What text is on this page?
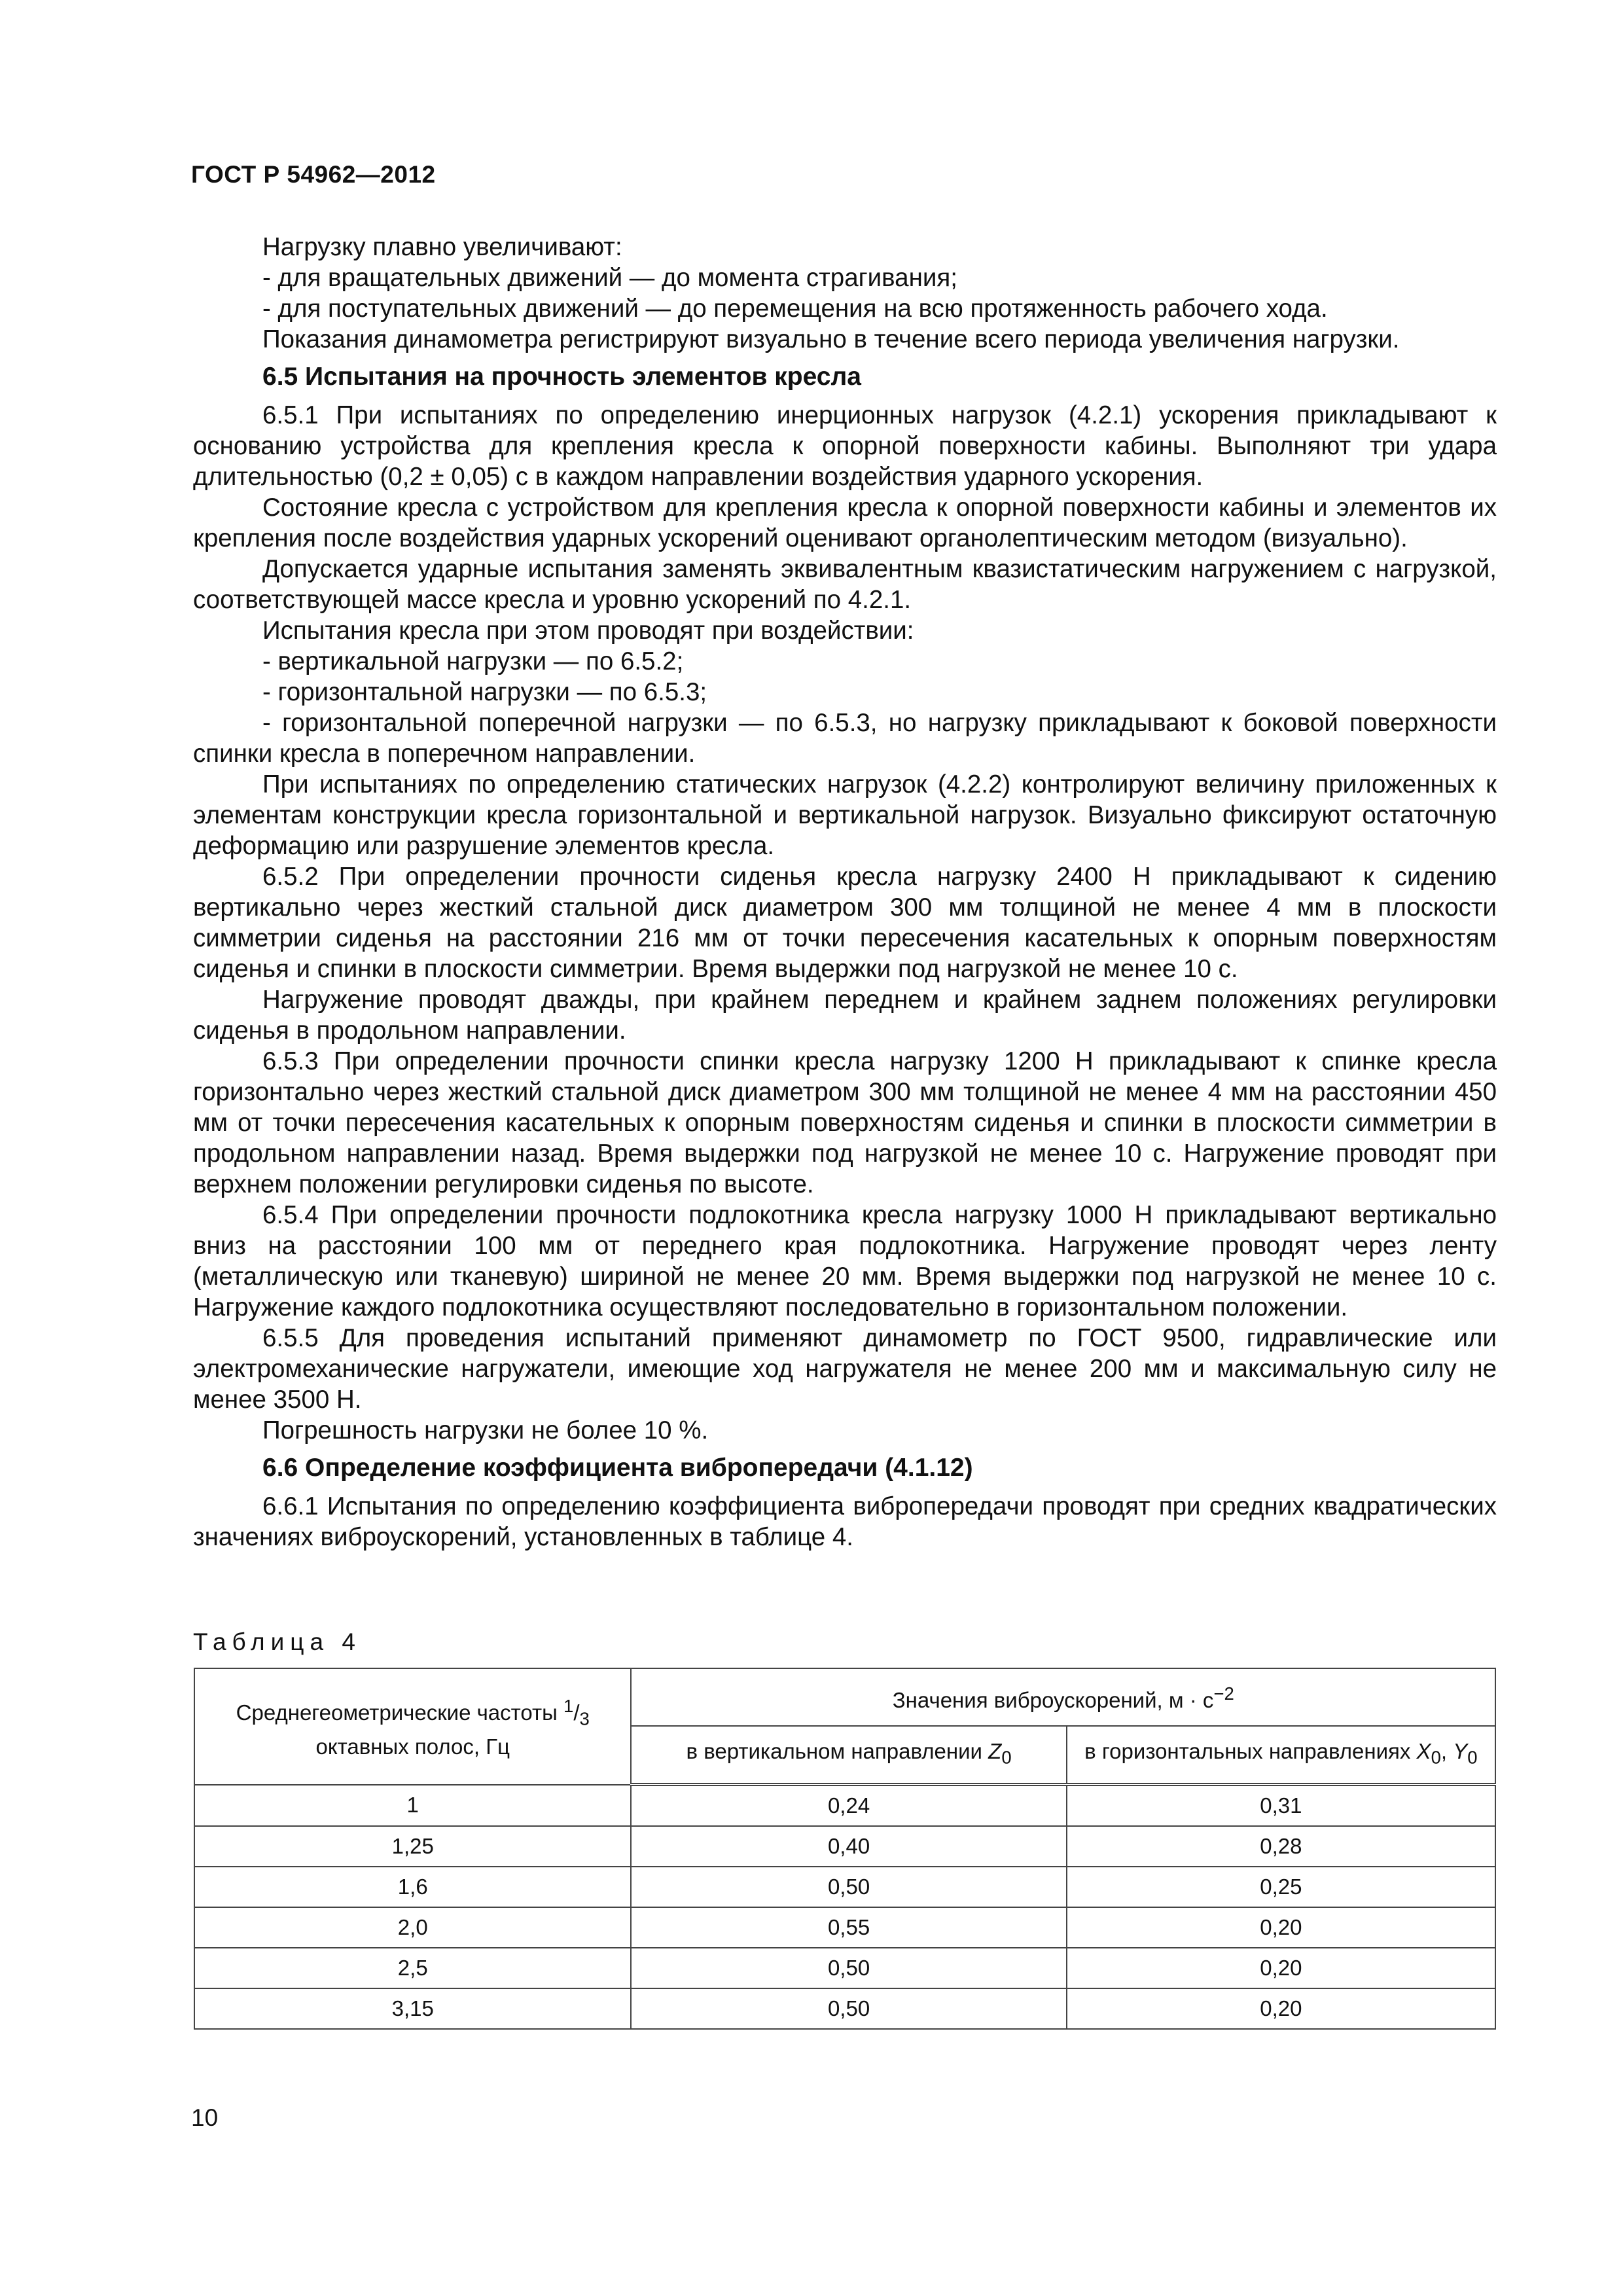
ГОСТ Р 54962—2012

Нагрузку плавно увеличивают:

- для вращательных движений — до момента страгивания;

- для поступательных движений — до перемещения на всю протяженность рабочего хода.

Показания динамометра регистрируют визуально в течение всего периода увеличения нагрузки.

6.5 Испытания на прочность элементов кресла

6.5.1 При испытаниях по определению инерционных нагрузок (4.2.1) ускорения прикладывают к основанию устройства для крепления кресла к опорной поверхности кабины. Выполняют три удара длительностью (0,2 ± 0,05) с в каждом направлении воздействия ударного ускорения.

Состояние кресла с устройством для крепления кресла к опорной поверхности кабины и элементов их крепления после воздействия ударных ускорений оценивают органолептическим методом (визуально).

Допускается ударные испытания заменять эквивалентным квазистатическим нагружением с нагрузкой, соответствующей массе кресла и уровню ускорений по 4.2.1.

Испытания кресла при этом проводят при воздействии:

- вертикальной нагрузки — по 6.5.2;

- горизонтальной нагрузки — по 6.5.3;

- горизонтальной поперечной нагрузки — по 6.5.3, но нагрузку прикладывают к боковой поверхности спинки кресла в поперечном направлении.

При испытаниях по определению статических нагрузок (4.2.2) контролируют величину приложенных к элементам конструкции кресла горизонтальной и вертикальной нагрузок. Визуально фиксируют остаточную деформацию или разрушение элементов кресла.

6.5.2 При определении прочности сиденья кресла нагрузку 2400 Н прикладывают к сидению вертикально через жесткий стальной диск диаметром 300 мм толщиной не менее 4 мм в плоскости симметрии сиденья на расстоянии 216 мм от точки пересечения касательных к опорным поверхностям сиденья и спинки в плоскости симметрии. Время выдержки под нагрузкой не менее 10 с.

Нагружение проводят дважды, при крайнем переднем и крайнем заднем положениях регулировки сиденья в продольном направлении.

6.5.3 При определении прочности спинки кресла нагрузку 1200 Н прикладывают к спинке кресла горизонтально через жесткий стальной диск диаметром 300 мм толщиной не менее 4 мм на расстоянии 450 мм от точки пересечения касательных к опорным поверхностям сиденья и спинки в плоскости симметрии в продольном направлении назад. Время выдержки под нагрузкой не менее 10 с. Нагружение проводят при верхнем положении регулировки сиденья по высоте.

6.5.4 При определении прочности подлокотника кресла нагрузку 1000 Н прикладывают вертикально вниз на расстоянии 100 мм от переднего края подлокотника. Нагружение проводят через ленту (металлическую или тканевую) шириной не менее 20 мм. Время выдержки под нагрузкой не менее 10 с. Нагружение каждого подлокотника осуществляют последовательно в горизонтальном положении.

6.5.5 Для проведения испытаний применяют динамометр по ГОСТ 9500, гидравлические или электромеханические нагружатели, имеющие ход нагружателя не менее 200 мм и максимальную силу не менее 3500 Н.

Погрешность нагрузки не более 10 %.

6.6 Определение коэффициента вибропередачи (4.1.12)

6.6.1 Испытания по определению коэффициента вибропередачи проводят при средних квадратических значениях виброускорений, установленных в таблице 4.

Таблица 4
Среднегеометрические частоты $^1/_3$
октавных полос, Гц	Значения виброускорений, $м \cdot с^{-2}$
	в вертикальном направлении $Z_0$	в горизонтальных направлениях $X_0$, $Y_0$
1	0,24	0,31
1,25	0,40	0,28
1,6	0,50	0,25
2,0	0,55	0,20
2,5	0,50	0,20
3,15	0,50	0,20
10
